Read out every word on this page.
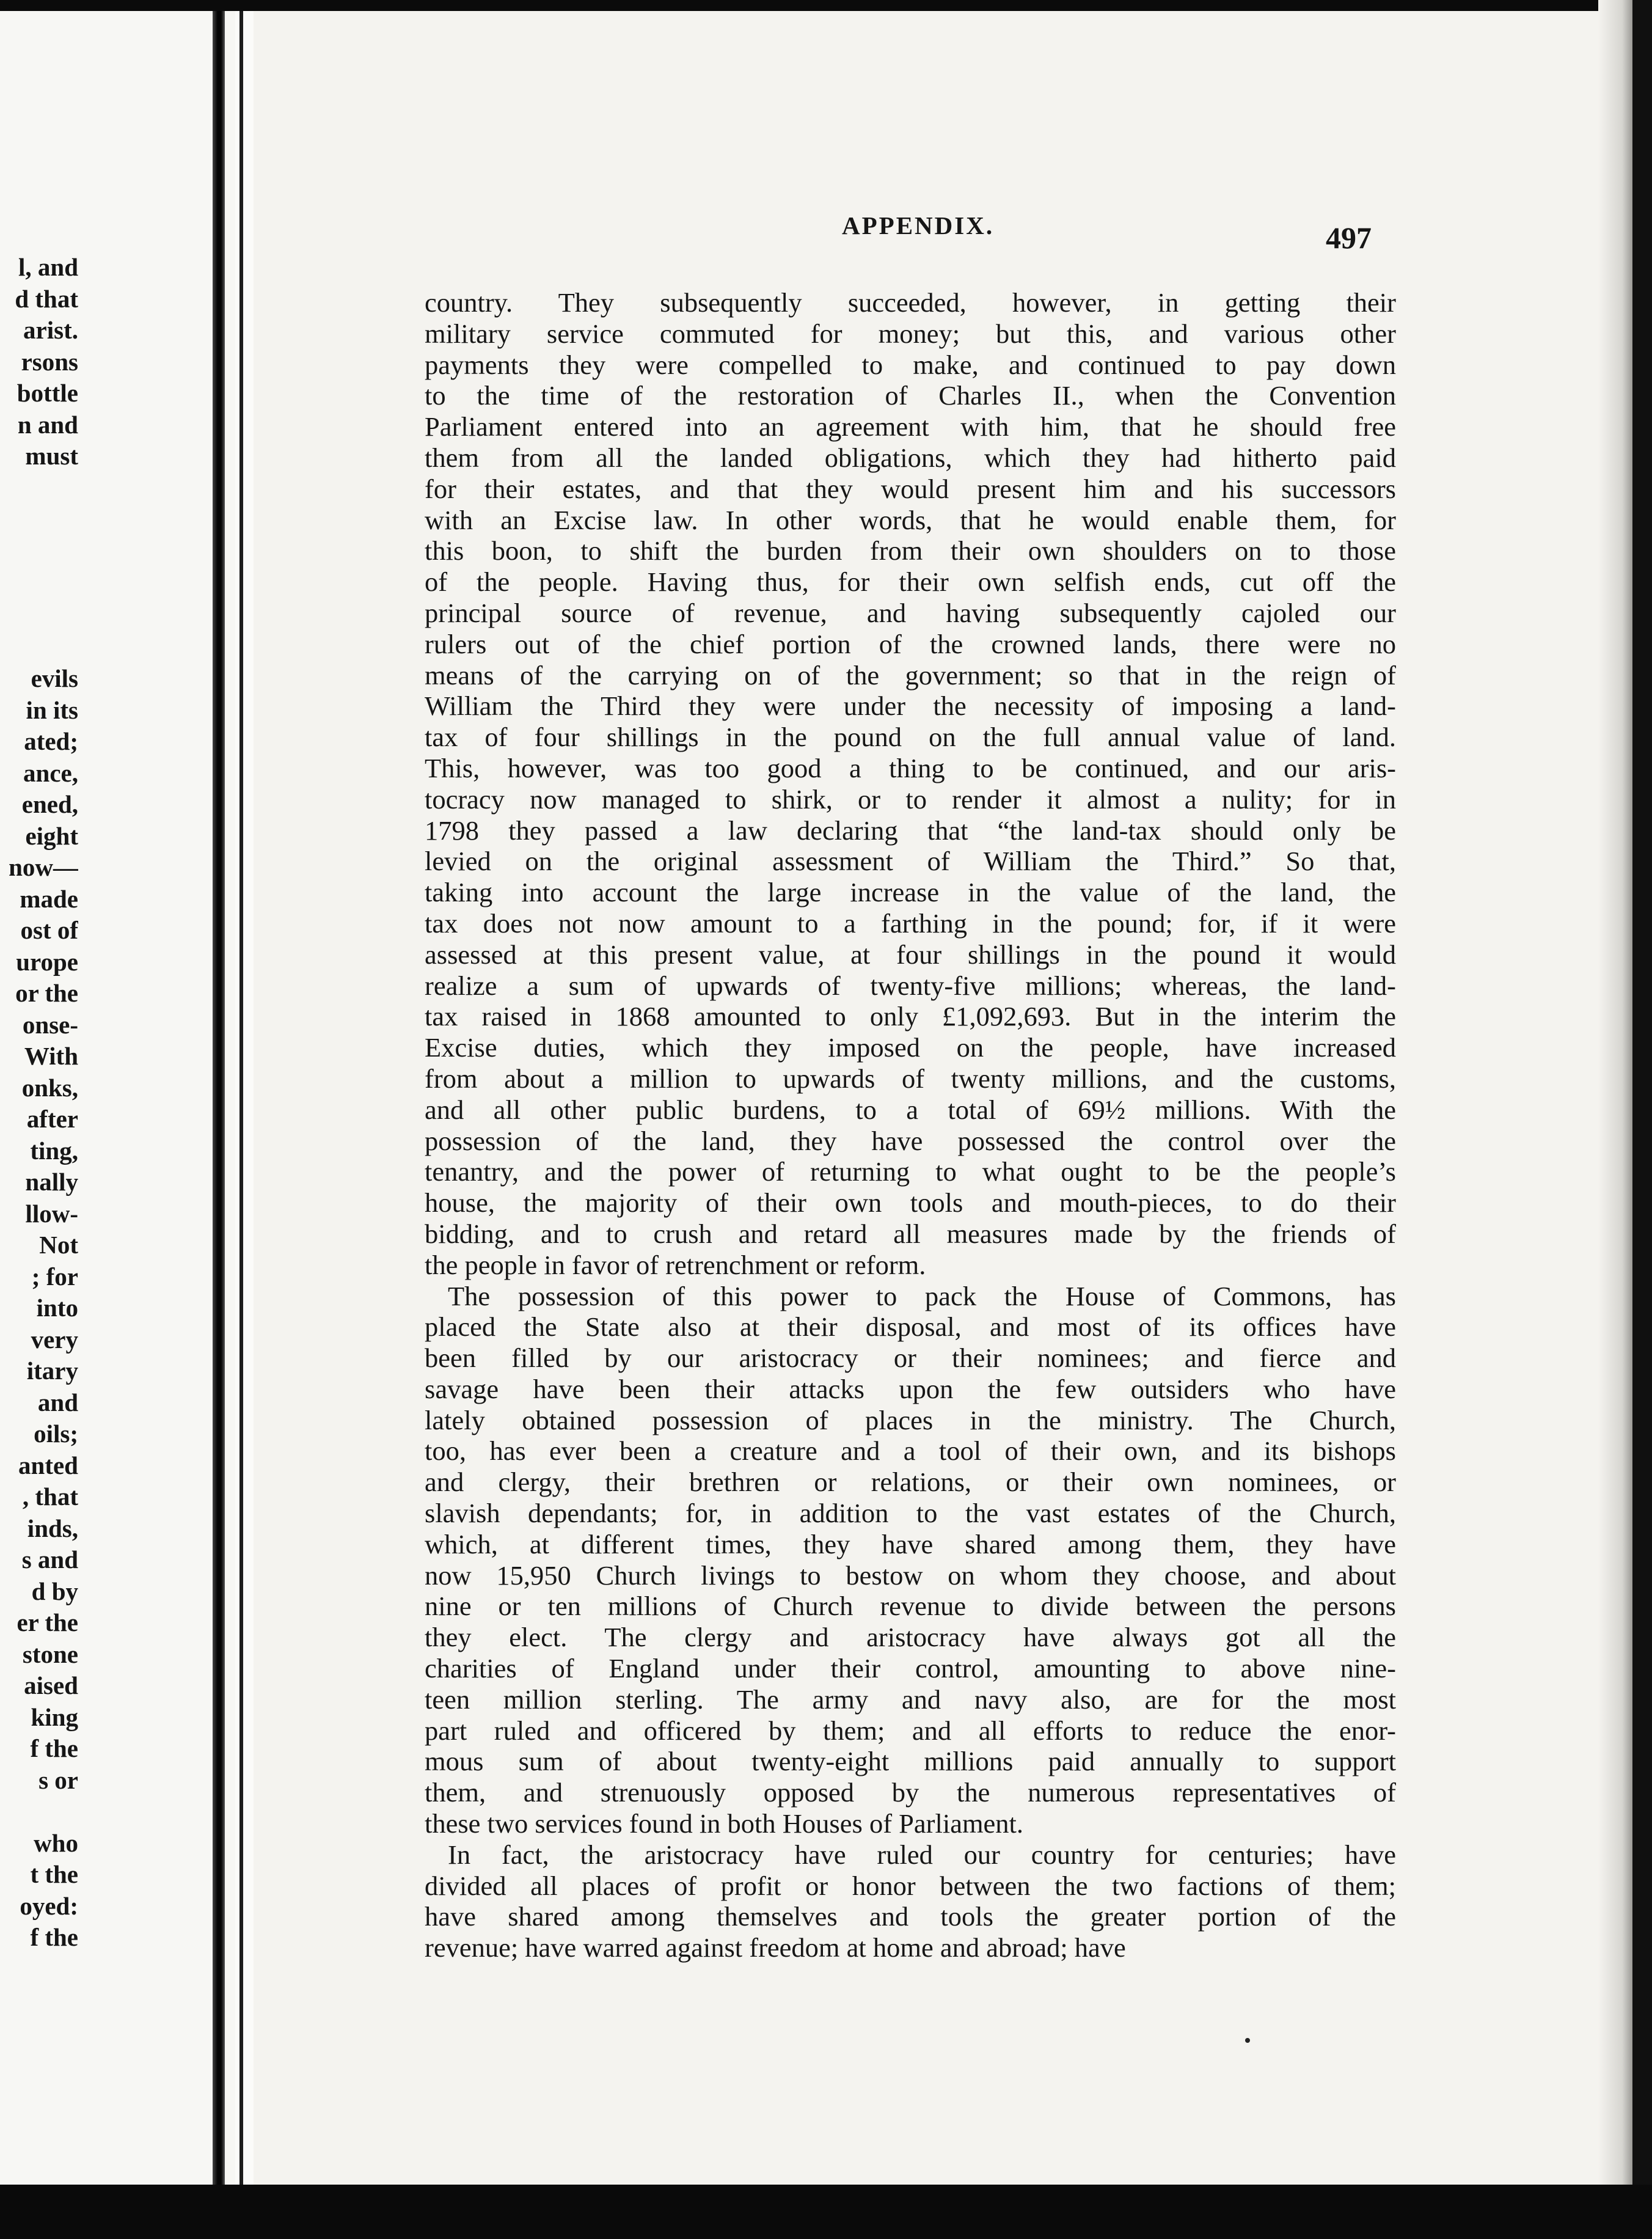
l, and
d that
arist.
rsons
bottle
n and
must
evils
in its
ated;
ance,
ened,
eight
now—
made
ost of
urope
or the
onse-
With
onks,
after
ting,
nally
llow-
Not
; for
into
very
itary
and
oils;
anted
, that
inds,
s and
d by
er the
stone
aised
king
f the
s or
who
t the
oyed:
f the
APPENDIX.	497
country. They subsequently succeeded, however, in getting their
military service commuted for money; but this, and various other
payments they were compelled to make, and continued to pay down
to the time of the restoration of Charles II., when the Convention
Parliament entered into an agreement with him, that he should free
them from all the landed obligations, which they had hitherto paid
for their estates, and that they would present him and his successors
with an Excise law. In other words, that he would enable them, for
this boon, to shift the burden from their own shoulders on to those
of the people. Having thus, for their own selfish ends, cut off the
principal source of revenue, and having subsequently cajoled our
rulers out of the chief portion of the crowned lands, there were no
means of the carrying on of the government; so that in the reign of
William the Third they were under the necessity of imposing a land-
tax of four shillings in the pound on the full annual value of land.
This, however, was too good a thing to be continued, and our aris-
tocracy now managed to shirk, or to render it almost a nulity; for in
1798 they passed a law declaring that “the land-tax should only be
levied on the original assessment of William the Third.” So that,
taking into account the large increase in the value of the land, the
tax does not now amount to a farthing in the pound; for, if it were
assessed at this present value, at four shillings in the pound it would
realize a sum of upwards of twenty-five millions; whereas, the land-
tax raised in 1868 amounted to only £1,092,693. But in the interim the
Excise duties, which they imposed on the people, have increased
from about a million to upwards of twenty millions, and the customs,
and all other public burdens, to a total of 69½ millions. With the
possession of the land, they have possessed the control over the
tenantry, and the power of returning to what ought to be the people’s
house, the majority of their own tools and mouth-pieces, to do their
bidding, and to crush and retard all measures made by the friends of
the people in favor of retrenchment or reform.
The possession of this power to pack the House of Commons, has
placed the State also at their disposal, and most of its offices have
been filled by our aristocracy or their nominees; and fierce and
savage have been their attacks upon the few outsiders who have
lately obtained possession of places in the ministry. The Church,
too, has ever been a creature and a tool of their own, and its bishops
and clergy, their brethren or relations, or their own nominees, or
slavish dependants; for, in addition to the vast estates of the Church,
which, at different times, they have shared among them, they have
now 15,950 Church livings to bestow on whom they choose, and about
nine or ten millions of Church revenue to divide between the persons
they elect. The clergy and aristocracy have always got all the
charities of England under their control, amounting to above nine-
teen million sterling. The army and navy also, are for the most
part ruled and officered by them; and all efforts to reduce the enor-
mous sum of about twenty-eight millions paid annually to support
them, and strenuously opposed by the numerous representatives of
these two services found in both Houses of Parliament.
In fact, the aristocracy have ruled our country for centuries; have
divided all places of profit or honor between the two factions of them;
have shared among themselves and tools the greater portion of the
revenue; have warred against freedom at home and abroad; have
